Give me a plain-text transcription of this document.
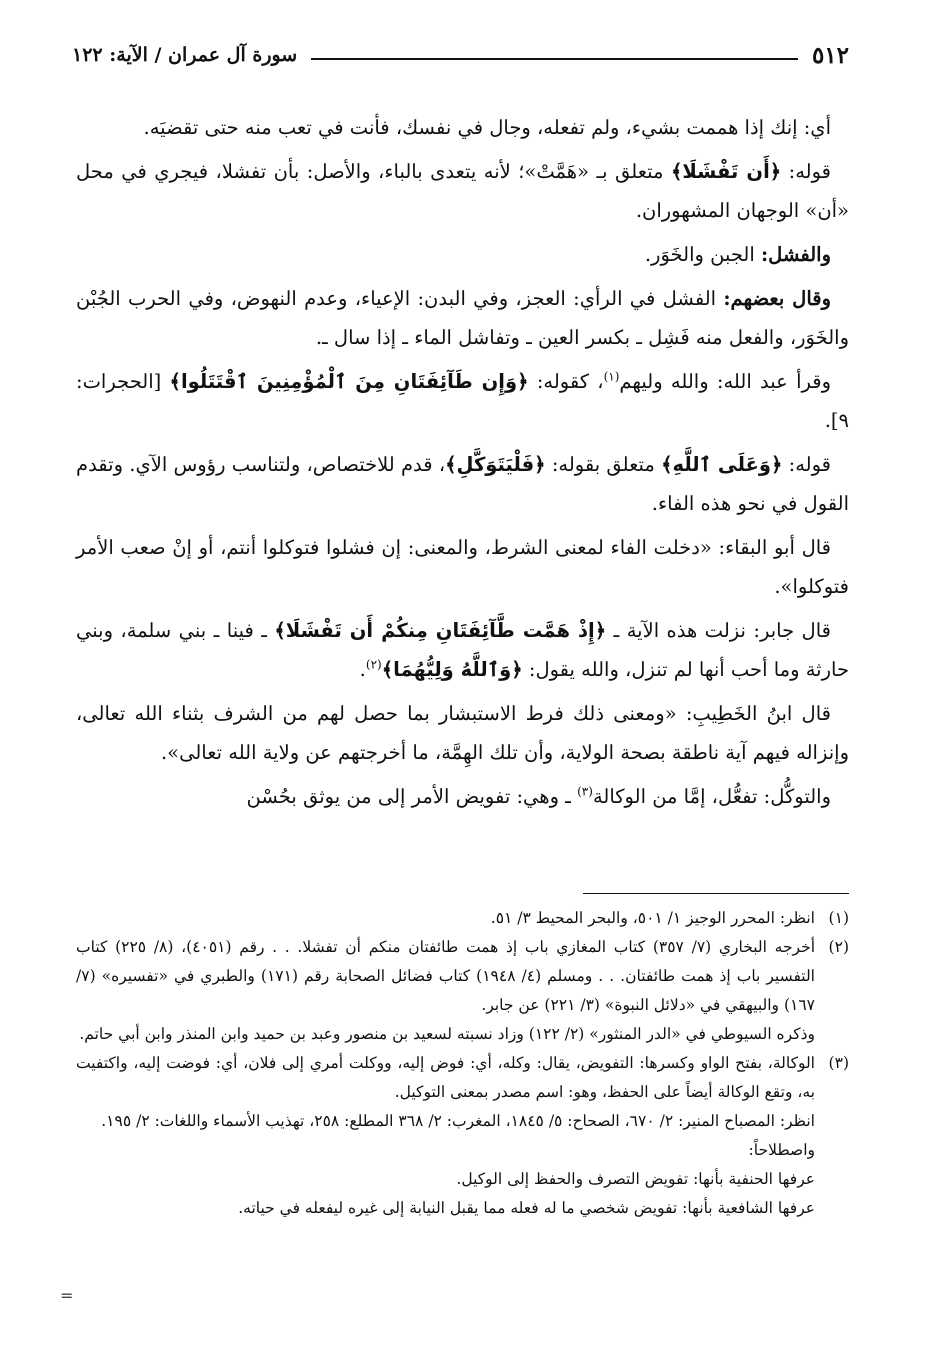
٥١٢
سورة آل عمران / الآية: ١٢٢

أي: إنك إذا هممت بشيء، ولم تفعله، وجال في نفسك، فأنت في تعب منه حتى تقضيَه.

قوله: ﴿أَن تَفْشَلَا﴾ متعلق بـ «هَمَّتْ»؛ لأنه يتعدى بالباء، والأصل: بأن تفشلا، فيجري في محل «أن» الوجهان المشهوران.

والفشل: الجبن والخَوَر.

وقال بعضهم: الفشل في الرأي: العجز، وفي البدن: الإعياء، وعدم النهوض، وفي الحرب الجُبْن والخَوَر، والفعل منه فَشِل ـ بكسر العين ـ وتفاشل الماء ـ إذا سال ـ.

وقرأ عبد الله: والله وليهم$^{(١)}$، كقوله: ﴿وَإِن طَآئِفَتَانِ مِنَ ٱلْمُؤْمِنِينَ ٱقْتَتَلُوا﴾ [الحجرات: ٩].

قوله: ﴿وَعَلَى ٱللَّهِ﴾ متعلق بقوله: ﴿فَلْيَتَوَكَّلِ﴾، قدم للاختصاص، ولتناسب رؤوس الآي. وتقدم القول في نحو هذه الفاء.

قال أبو البقاء: «دخلت الفاء لمعنى الشرط، والمعنى: إن فشلوا فتوكلوا أنتم، أو إنْ صعب الأمر فتوكلوا».

قال جابر: نزلت هذه الآية ـ ﴿إِذْ هَمَّت طَّآئِفَتَانِ مِنكُمْ أَن تَفْشَلَا﴾ ـ فينا ـ بني سلمة، وبني حارثة وما أحب أنها لم تنزل، والله يقول: ﴿وَٱللَّهُ وَلِيُّهُمَا﴾$^{(٢)}$.

قال ابنُ الخَطِيبِ: «ومعنى ذلك فرط الاستبشار بما حصل لهم من الشرف بثناء الله تعالى، وإنزاله فيهم آية ناطقة بصحة الولاية، وأن تلك الهِمَّة، ما أخرجتهم عن ولاية الله تعالى».

والتوكُّل: تفعُّل، إمَّا من الوكالة$^{(٣)}$ ـ وهي: تفويض الأمر إلى من يوثق بحُسْن

(١)
انظر: المحرر الوجيز ١/ ٥٠١، والبحر المحيط ٣/ ٥١.
(٢)
أخرجه البخاري (٧/ ٣٥٧) كتاب المغازي باب إذ همت طائفتان منكم أن تفشلا. . . رقم (٤٠٥١)، (٨/ ٢٢٥) كتاب التفسير باب إذ همت طائفتان. . . ومسلم (٤/ ١٩٤٨) كتاب فضائل الصحابة رقم (١٧١) والطبري في «تفسيره» (٧/ ١٦٧) والبيهقي في «دلائل النبوة» (٣/ ٢٢١) عن جابر.

وذكره السيوطي في «الدر المنثور» (٢/ ١٢٢) وزاد نسبته لسعيد بن منصور وعبد بن حميد وابن المنذر وابن أبي حاتم.

(٣)
الوكالة، بفتح الواو وكسرها: التفويض، يقال: وكله، أي: فوض إليه، ووكلت أمري إلى فلان، أي: فوضت إليه، واكتفيت به، وتقع الوكالة أيضاً على الحفظ، وهو: اسم مصدر بمعنى التوكيل.

انظر: المصباح المنير: ٢/ ٦٧٠، الصحاح: ٥/ ١٨٤٥، المغرب: ٢/ ٣٦٨ المطلع: ٢٥٨، تهذيب الأسماء واللغات: ٢/ ١٩٥.

واصطلاحاً:

عرفها الحنفية بأنها: تفويض التصرف والحفظ إلى الوكيل.

عرفها الشافعية بأنها: تفويض شخصي ما له فعله مما يقبل النيابة إلى غيره ليفعله في حياته.

=
